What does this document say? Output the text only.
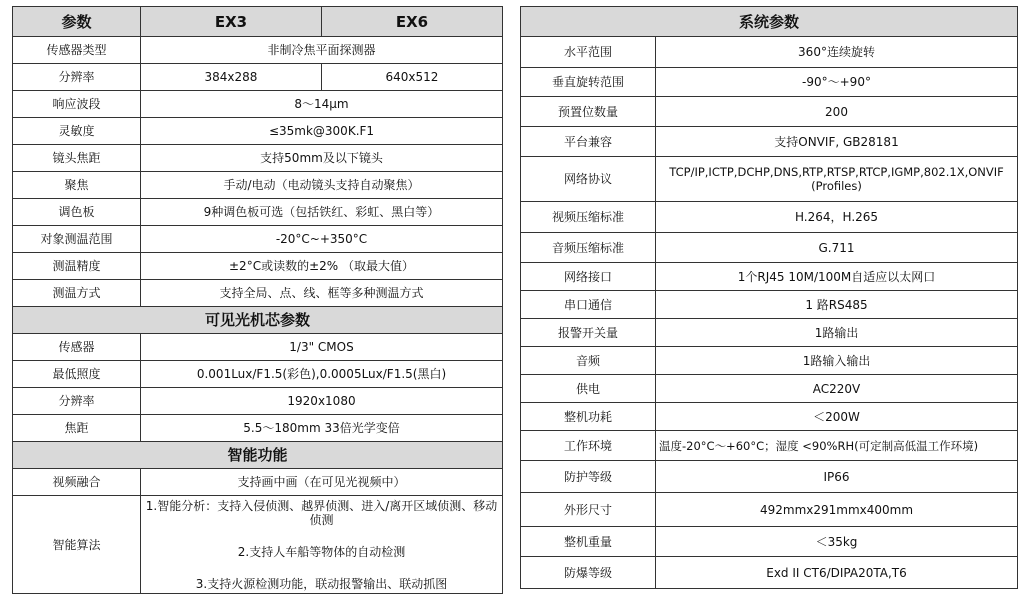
参数	EX3	EX6
传感器类型	非制冷焦平面探测器	
分辨率	384x288	640x512
响应波段	8～14μm	
灵敏度	≤35mk@300K.F1	
镜头焦距	支持50mm及以下镜头	
聚焦	手动/电动（电动镜头支持自动聚焦）	
调色板	9种调色板可选（包括铁红、彩虹、黑白等）	
对象测温范围	-20°C~+350°C	
测温精度	±2°C或读数的±2% （取最大值）	
测温方式	支持全局、点、线、框等多种测温方式	
可见光机芯参数		
传感器	1/3" CMOS	
最低照度	0.001Lux/F1.5(彩色),0.0005Lux/F1.5(黑白)	
分辨率	1920x1080	
焦距	5.5～180mm 33倍光学变倍	
智能功能		
视频融合	支持画中画（在可见光视频中）	
智能算法	1.智能分析：支持入侵侦测、越界侦测、进入/离开区域侦测、移动侦测
2.支持人车船等物体的自动检测
3.支持火源检测功能，联动报警输出、联动抓图	
系统参数	
水平范围	360°连续旋转
垂直旋转范围	-90°～+90°
预置位数量	200
平台兼容	支持ONVIF, GB28181
网络协议	TCP/IP,ICTP,DCHP,DNS,RTP,RTSP,RTCP,IGMP,802.1X,ONVIF (Profiles)
视频压缩标准	H.264，H.265
音频压缩标准	G.711
网络接口	1个RJ45 10M/100M自适应以太网口
串口通信	1 路RS485
报警开关量	1路输出
音频	1路输入输出
供电	AC220V
整机功耗	＜200W
工作环境	温度-20°C～+60°C；湿度 <90%RH(可定制高低温工作环境)
防护等级	IP66
外形尺寸	492mmx291mmx400mm
整机重量	＜35kg
防爆等级	Exd II CT6/DIPA20TA,T6
